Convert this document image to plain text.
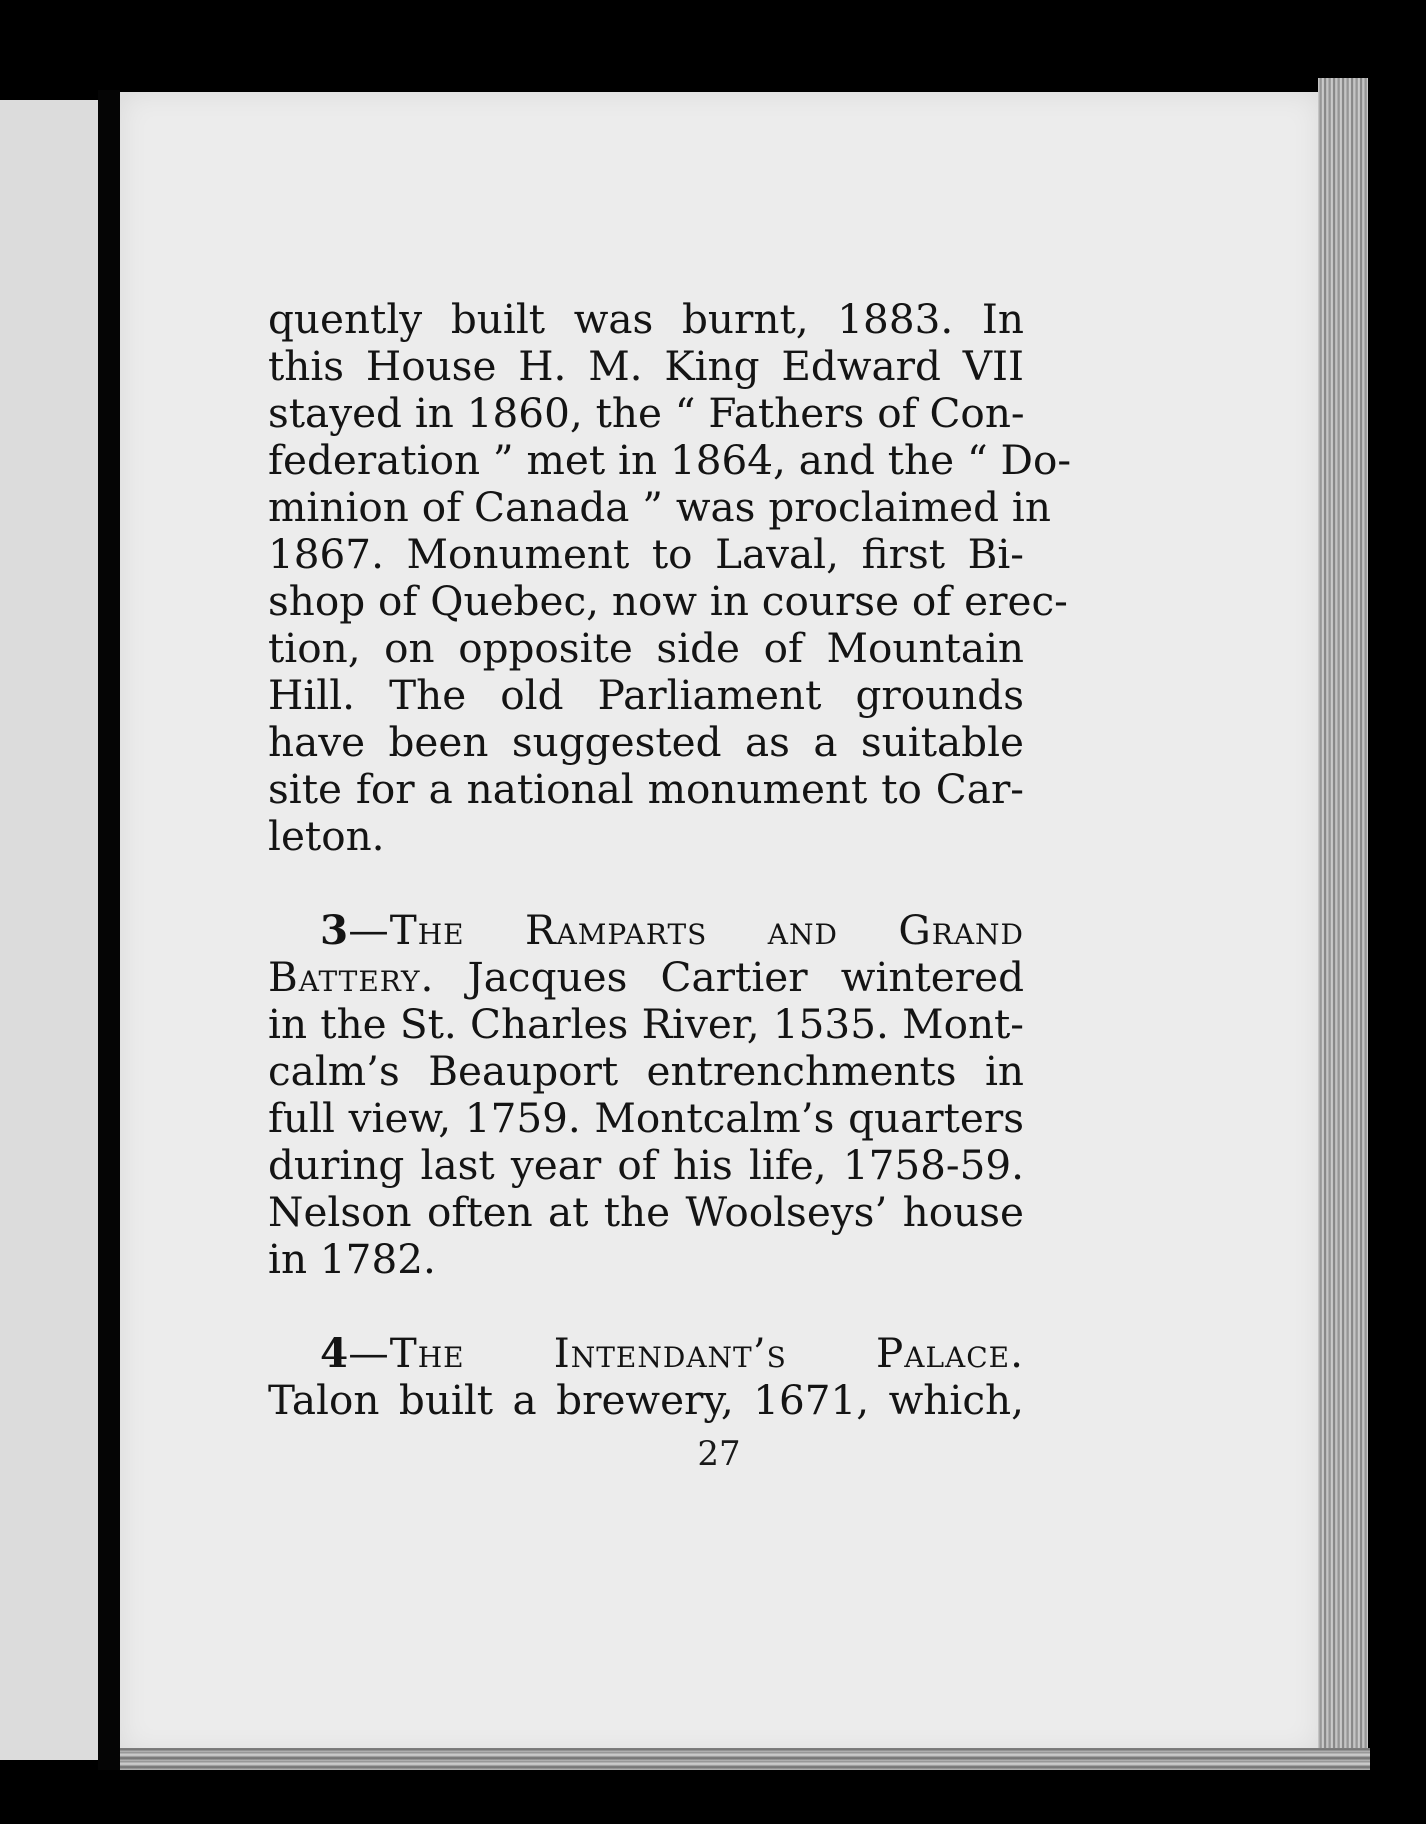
quently built was burnt, 1883. In
this House H. M. King Edward VII
stayed in 1860, the “ Fathers of Con-
federation ” met in 1864, and the “ Do-
minion of Canada ” was proclaimed in
1867. Monument to Laval, first Bi-
shop of Quebec, now in course of erec-
tion, on opposite side of Mountain
Hill. The old Parliament grounds
have been suggested as a suitable
site for a national monument to Car-
leton.
3—The Ramparts and Grand
Battery. Jacques Cartier wintered
in the St. Charles River, 1535. Mont-
calm’s Beauport entrenchments in
full view, 1759. Montcalm’s quarters
during last year of his life, 1758-59.
Nelson often at the Woolseys’ house
in 1782.
4—The Intendant’s Palace.
Talon built a brewery, 1671, which,
27
